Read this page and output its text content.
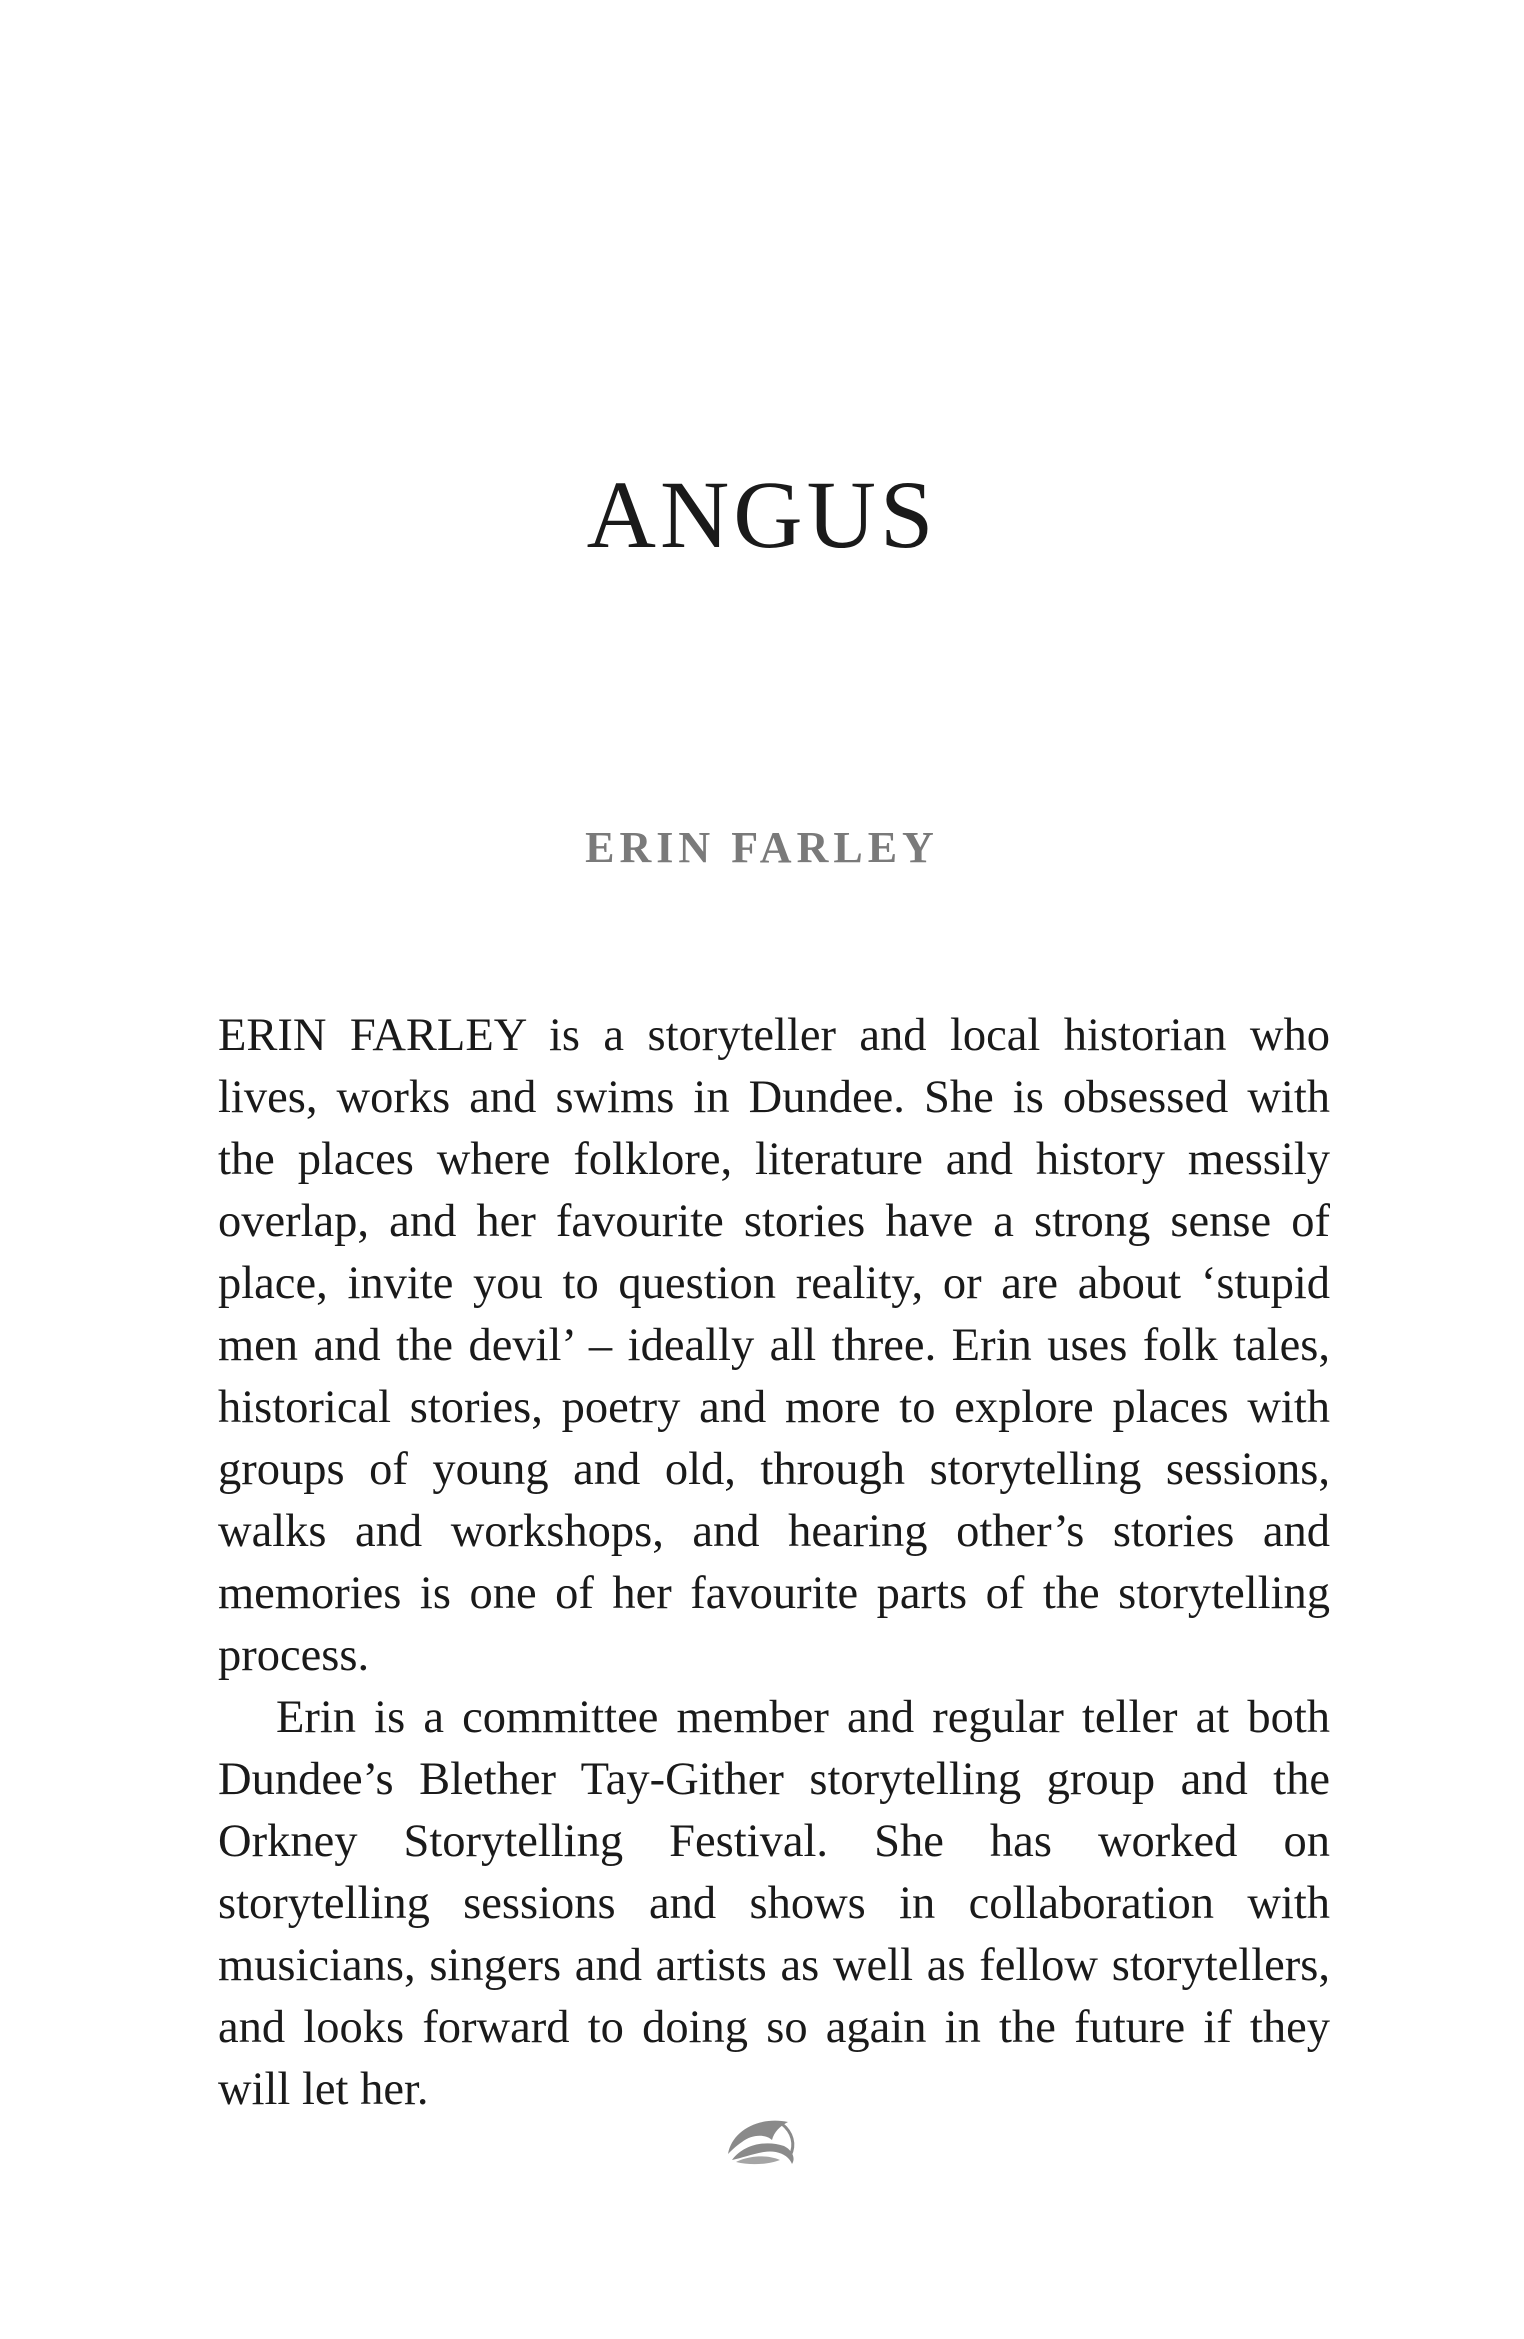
ANGUS
ERIN FARLEY

ERIN FARLEY is a storyteller and local historian who lives, works and swims in Dundee. She is obsessed with the places where folklore, literature and history messily overlap, and her favourite stories have a strong sense of place, invite you to question reality, or are about ‘stupid men and the devil’ – ideally all three. Erin uses folk tales, historical stories, poetry and more to explore places with groups of young and old, through storytelling sessions, walks and workshops, and hearing other’s stories and memories is one of her favourite parts of the storytelling process.

Erin is a committee member and regular teller at both Dundee’s Blether Tay-Gither storytelling group and the Orkney Storytelling Festival. She has worked on storytelling sessions and shows in collaboration with musicians, singers and artists as well as fellow storytellers, and looks forward to doing so again in the future if they will let her.
